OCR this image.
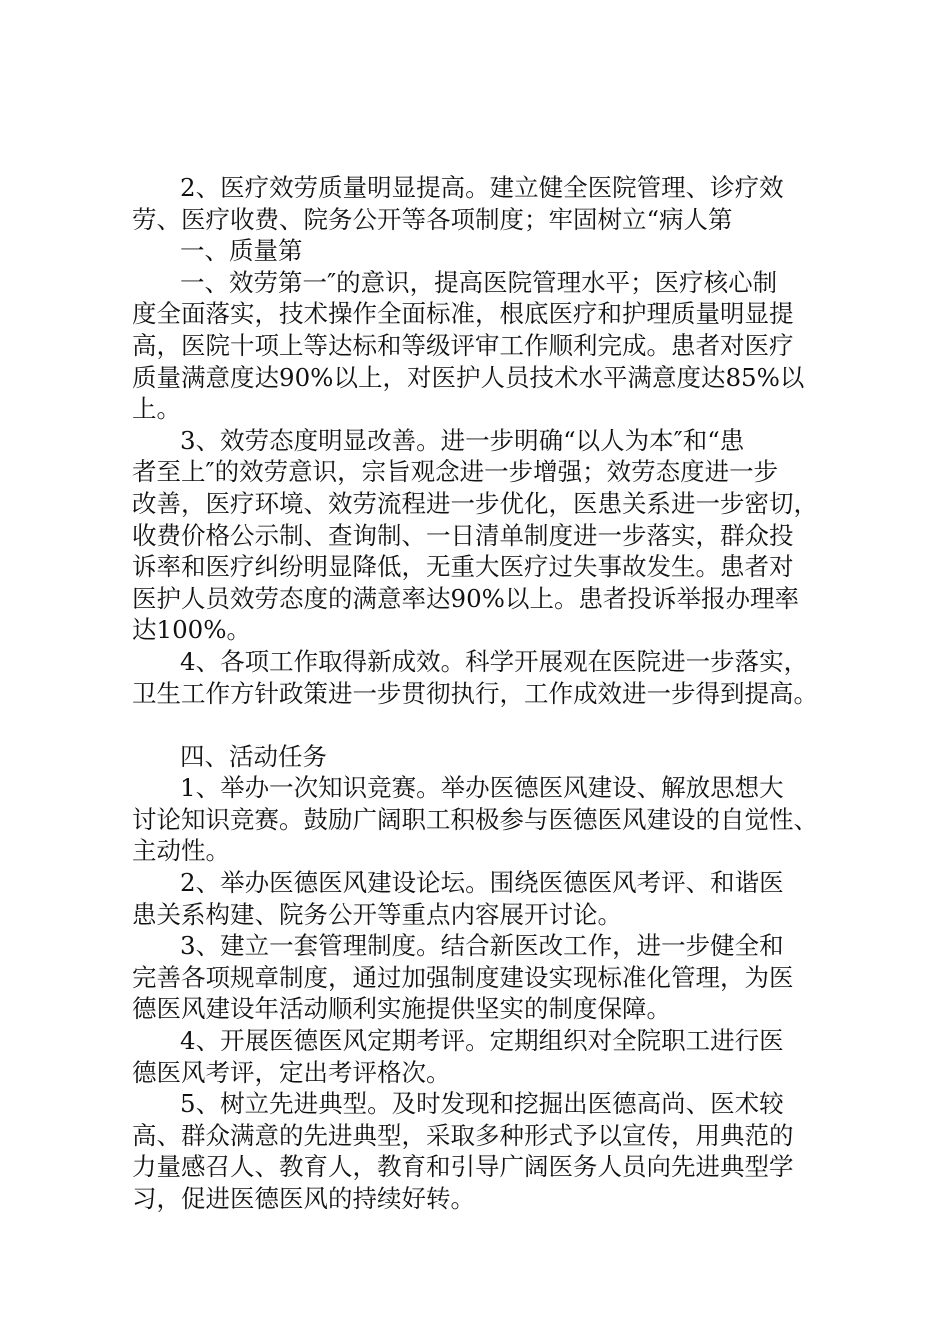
2、医疗效劳质量明显提高。建立健全医院管理、诊疗效
劳、医疗收费、院务公开等各项制度；牢固树立“病人第
一、质量第
一、效劳第一″的意识，提高医院管理水平；医疗核心制
度全面落实，技术操作全面标准，根底医疗和护理质量明显提
高，医院十项上等达标和等级评审工作顺利完成。患者对医疗
质量满意度达90%以上，对医护人员技术水平满意度达85%以
上。
3、效劳态度明显改善。进一步明确“以人为本″和“患
者至上″的效劳意识，宗旨观念进一步增强；效劳态度进一步
改善，医疗环境、效劳流程进一步优化，医患关系进一步密切，
收费价格公示制、查询制、一日清单制度进一步落实，群众投
诉率和医疗纠纷明显降低，无重大医疗过失事故发生。患者对
医护人员效劳态度的满意率达90%以上。患者投诉举报办理率
达100%。
4、各项工作取得新成效。科学开展观在医院进一步落实，
卫生工作方针政策进一步贯彻执行，工作成效进一步得到提高。
四、活动任务
1、举办一次知识竞赛。举办医德医风建设、解放思想大
讨论知识竞赛。鼓励广阔职工积极参与医德医风建设的自觉性、
主动性。
2、举办医德医风建设论坛。围绕医德医风考评、和谐医
患关系构建、院务公开等重点内容展开讨论。
3、建立一套管理制度。结合新医改工作，进一步健全和
完善各项规章制度，通过加强制度建设实现标准化管理，为医
德医风建设年活动顺利实施提供坚实的制度保障。
4、开展医德医风定期考评。定期组织对全院职工进行医
德医风考评，定出考评格次。
5、树立先进典型。及时发现和挖掘出医德高尚、医术较
高、群众满意的先进典型，采取多种形式予以宣传，用典范的
力量感召人、教育人，教育和引导广阔医务人员向先进典型学
习，促进医德医风的持续好转。
